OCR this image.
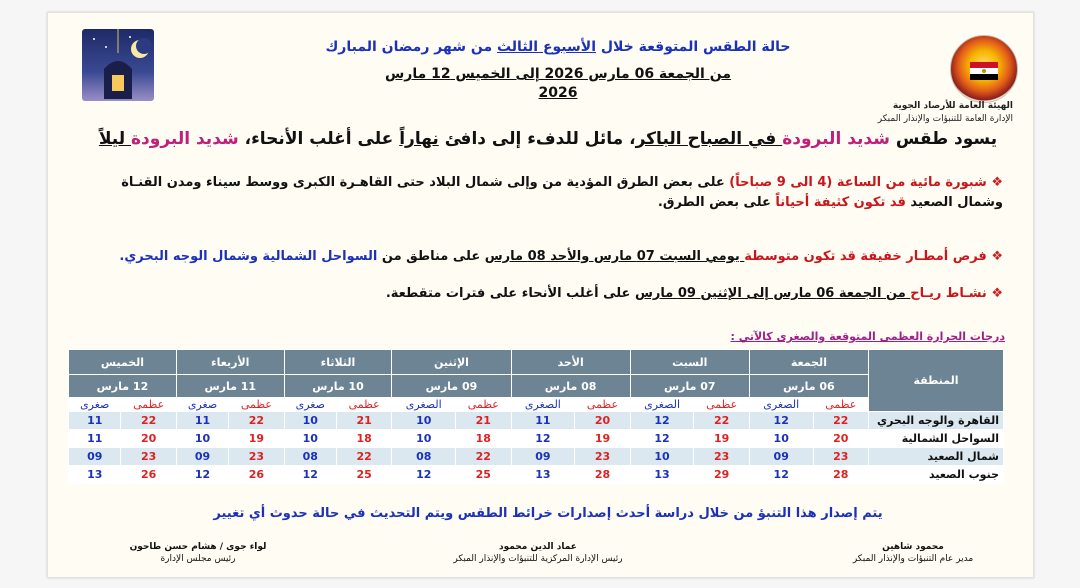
الهيئة العامة للأرصاد الجوية
الإدارة العامة للتنبؤات والإنذار المبكر
حالة الطقس المتوقعة خلال الأسبوع الثالث من شهر رمضان المبارك
من الجمعة 06 مارس 2026 إلى الخميس 12 مارس
2026
يسود طقس شديد البرودة في الصباح الباكر، مائل للدفء إلى دافئ نهاراً على أغلب الأنحاء، شديد البرودة ليلاً
❖ شبورة مائية من الساعة (4 الى 9 صباحاً) على بعض الطرق المؤدية من وإلى شمال البلاد حتى القاهـرة الكبرى ووسط سيناء ومدن القنـاة وشمال الصعيد قد تكون كثيفة أحياناً على بعض الطرق.
❖ فرص أمطـار خفيفة قد تكون متوسطة يومي السبت 07 مارس والأحد 08 مارس على مناطق من السواحل الشمالية وشمال الوجه البحري.
❖ نشـاط ريـاح من الجمعة 06 مارس إلى الإثنين 09 مارس على أغلب الأنحاء على فترات متقطعة.
درجات الحرارة العظمى المتوقعة والصغرى كالآتي :
المنطقة	الجمعة		السبت		الأحد		الإثنين		الثلاثاء		الأربعاء		الخميس	
	06 مارس		07 مارس		08 مارس		09 مارس		10 مارس		11 مارس		12 مارس	
	عظمى	الصغرى	عظمى	الصغرى	عظمى	الصغرى	عظمى	الصغرى	عظمى	صغرى	عظمى	صغرى	عظمى	صغرى
القاهرة والوجه البحري	22	12	22	12	20	11	21	10	21	10	22	11	22	11
السواحل الشمالية	20	10	19	12	19	12	18	10	18	10	19	10	20	11
شمال الصعيد	23	09	23	10	23	09	22	08	22	08	23	09	23	09
جنوب الصعيد	28	12	29	13	28	13	25	12	25	12	26	12	26	13
يتم إصدار هذا التنبؤ من خلال دراسة أحدث إصدارات خرائط الطقس ويتم التحديث في حالة حدوث أي تغيير
محمود شاهين
مدير عام التنبؤات والإنذار المبكر
عماد الدين محمود
رئيس الإدارة المركزية للتنبؤات والإنذار المبكر
لواء جوى / هشام حسن طاحون
رئيس مجلس الإدارة
